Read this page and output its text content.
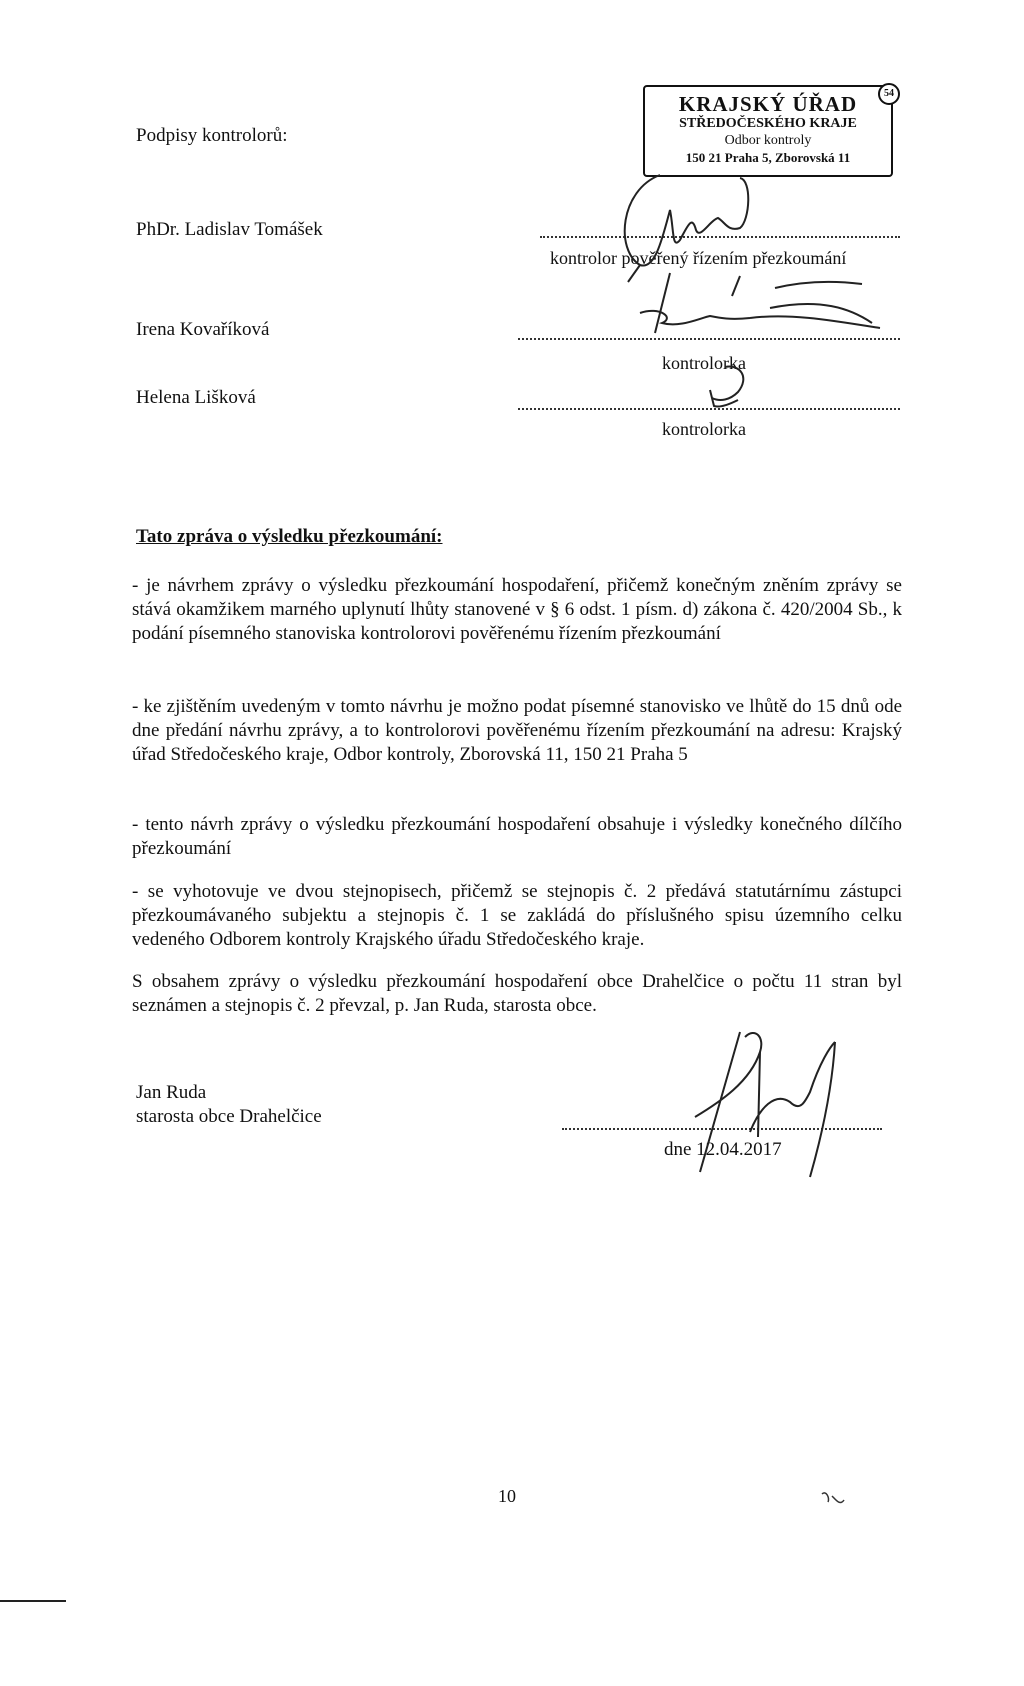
Podpisy kontrolorů:
KRAJSKÝ ÚŘAD
STŘEDOČESKÉHO KRAJE
Odbor kontroly
150 21 Praha 5, Zborovská 11
54
PhDr. Ladislav Tomášek
kontrolor pověřený řízením přezkoumání
Irena Kovaříková
kontrolorka
Helena Lišková
kontrolorka
Tato zpráva o výsledku přezkoumání:
- je návrhem zprávy o výsledku přezkoumání hospodaření, přičemž konečným zněním zprávy se stává okamžikem marného uplynutí lhůty stanovené v § 6 odst. 1 písm. d) zákona č. 420/2004 Sb., k podání písemného stanoviska kontrolorovi pověřenému řízením přezkoumání
- ke zjištěním uvedeným v tomto návrhu je možno podat písemné stanovisko ve lhůtě do 15 dnů ode dne předání návrhu zprávy, a to kontrolorovi pověřenému řízením přezkoumání na adresu: Krajský úřad Středočeského kraje, Odbor kontroly, Zborovská 11, 150 21 Praha 5
- tento návrh zprávy o výsledku přezkoumání hospodaření obsahuje i výsledky konečného dílčího přezkoumání
- se vyhotovuje ve dvou stejnopisech, přičemž se stejnopis č. 2 předává statutárnímu zástupci přezkoumávaného subjektu a stejnopis č. 1 se zakládá do příslušného spisu územního celku vedeného Odborem kontroly Krajského úřadu Středočeského kraje.
S obsahem zprávy o výsledku přezkoumání hospodaření obce Drahelčice o počtu 11 stran byl seznámen a stejnopis č. 2 převzal, p. Jan Ruda, starosta obce.
Jan Ruda
starosta obce Drahelčice
dne 12.04.2017
10
